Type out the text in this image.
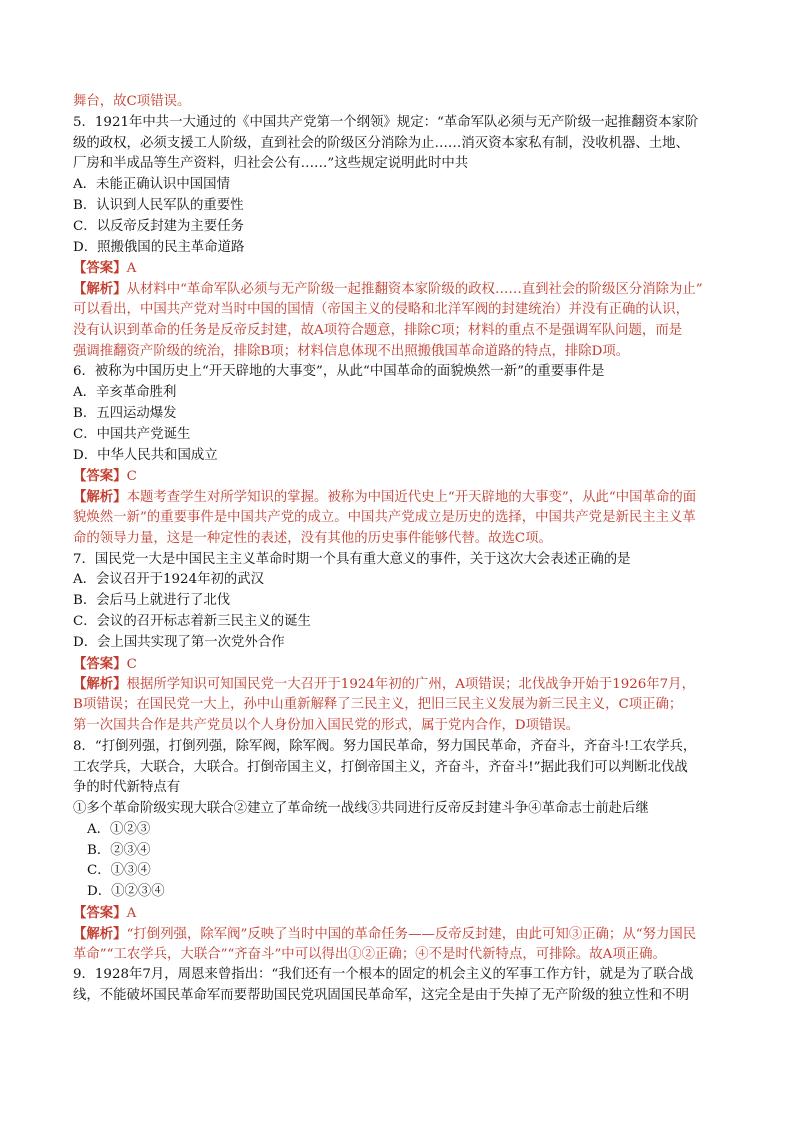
舞台，故C项错误。
5．1921年中共一大通过的《中国共产党第一个纲领》规定：“革命军队必须与无产阶级一起推翻资本家阶
级的政权，必须支援工人阶级，直到社会的阶级区分消除为止……消灭资本家私有制，没收机器、土地、
厂房和半成品等生产资料，归社会公有……”这些规定说明此时中共
A．未能正确认识中国国情
B．认识到人民军队的重要性
C．以反帝反封建为主要任务
D．照搬俄国的民主革命道路
【答案】A
【解析】从材料中“革命军队必须与无产阶级一起推翻资本家阶级的政权……直到社会的阶级区分消除为止”
可以看出，中国共产党对当时中国的国情（帝国主义的侵略和北洋军阀的封建统治）并没有正确的认识，
没有认识到革命的任务是反帝反封建，故A项符合题意，排除C项；材料的重点不是强调军队问题，而是
强调推翻资产阶级的统治，排除B项；材料信息体现不出照搬俄国革命道路的特点，排除D项。
6．被称为中国历史上“开天辟地的大事变”，从此“中国革命的面貌焕然一新”的重要事件是
A．辛亥革命胜利
B．五四运动爆发
C．中国共产党诞生
D．中华人民共和国成立
【答案】C
【解析】本题考查学生对所学知识的掌握。被称为中国近代史上“开天辟地的大事变”，从此“中国革命的面
貌焕然一新”的重要事件是中国共产党的成立。中国共产党成立是历史的选择，中国共产党是新民主主义革
命的领导力量，这是一种定性的表述，没有其他的历史事件能够代替。故选C项。
7．国民党一大是中国民主主义革命时期一个具有重大意义的事件，关于这次大会表述正确的是
A．会议召开于1924年初的武汉
B．会后马上就进行了北伐
C．会议的召开标志着新三民主义的诞生
D．会上国共实现了第一次党外合作
【答案】C
【解析】根据所学知识可知国民党一大召开于1924年初的广州，A项错误；北伐战争开始于1926年7月，
B项错误；在国民党一大上，孙中山重新解释了三民主义，把旧三民主义发展为新三民主义，C项正确；
第一次国共合作是共产党员以个人身份加入国民党的形式，属于党内合作，D项错误。
8．“打倒列强，打倒列强，除军阀，除军阀。努力国民革命，努力国民革命，齐奋斗，齐奋斗!工农学兵，
工农学兵，大联合，大联合。打倒帝国主义，打倒帝国主义，齐奋斗，齐奋斗!”据此我们可以判断北伐战
争的时代新特点有
①多个革命阶级实现大联合②建立了革命统一战线③共同进行反帝反封建斗争④革命志士前赴后继
A．①②③
B．②③④
C．①③④
D．①②③④
【答案】A
【解析】“打倒列强，除军阀”反映了当时中国的革命任务——反帝反封建，由此可知③正确；从“努力国民
革命”“工农学兵，大联合”“齐奋斗”中可以得出①②正确；④不是时代新特点，可排除。故A项正确。
9．1928年7月，周恩来曾指出：“我们还有一个根本的固定的机会主义的军事工作方针，就是为了联合战
线，不能破坏国民革命军而要帮助国民党巩固国民革命军，这完全是由于失掉了无产阶级的独立性和不明
